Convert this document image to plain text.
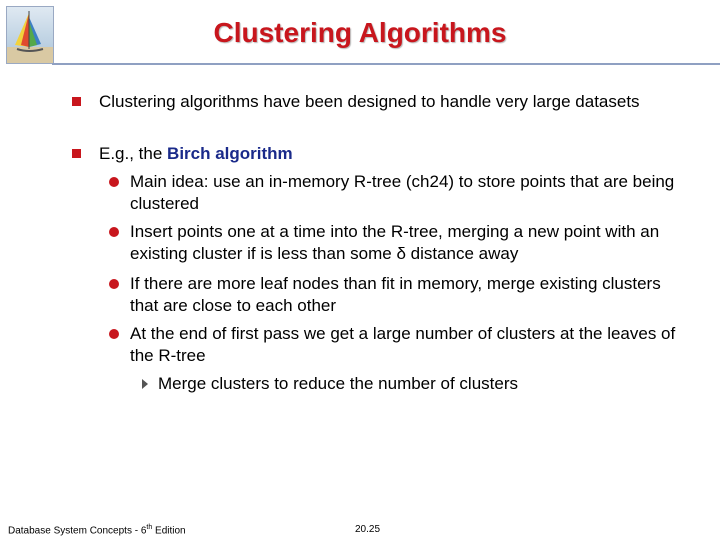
Clustering Algorithms
Clustering algorithms have been designed to handle very large datasets
E.g., the Birch algorithm
Main idea: use an in-memory R-tree (ch24) to store points that are being clustered
Insert points one at a time into the R-tree, merging a new point with an existing cluster if is less than some δ distance away
If there are more leaf nodes than fit in memory, merge existing clusters that are close to each other
At the end of first pass we get a large number of clusters at the leaves of the R-tree
Merge clusters to reduce the number of clusters
Database System Concepts - 6th Edition	20.25
